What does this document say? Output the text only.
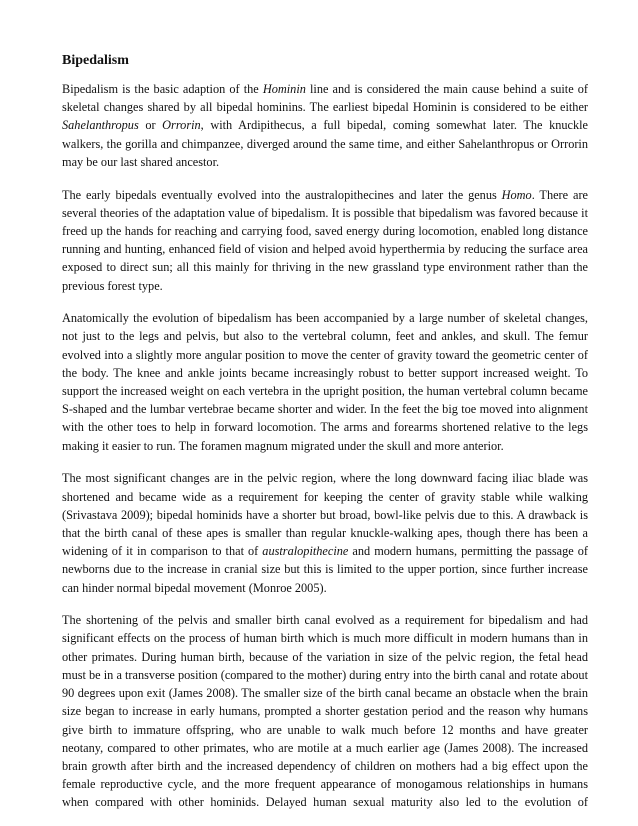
Bipedalism

Bipedalism is the basic adaption of the Hominin line and is considered the main cause behind a suite of skeletal changes shared by all bipedal hominins. The earliest bipedal Hominin is considered to be either Sahelanthropus or Orrorin, with Ardipithecus, a full bipedal, coming somewhat later. The knuckle walkers, the gorilla and chimpanzee, diverged around the same time, and either Sahelanthropus or Orrorin may be our last shared ancestor.

The early bipedals eventually evolved into the australopithecines and later the genus Homo. There are several theories of the adaptation value of bipedalism. It is possible that bipedalism was favored because it freed up the hands for reaching and carrying food, saved energy during locomotion, enabled long distance running and hunting, enhanced field of vision and helped avoid hyperthermia by reducing the surface area exposed to direct sun; all this mainly for thriving in the new grassland type environment rather than the previous forest type.

Anatomically the evolution of bipedalism has been accompanied by a large number of skeletal changes, not just to the legs and pelvis, but also to the vertebral column, feet and ankles, and skull. The femur evolved into a slightly more angular position to move the center of gravity toward the geometric center of the body. The knee and ankle joints became increasingly robust to better support increased weight. To support the increased weight on each vertebra in the upright position, the human vertebral column became S-shaped and the lumbar vertebrae became shorter and wider. In the feet the big toe moved into alignment with the other toes to help in forward locomotion. The arms and forearms shortened relative to the legs making it easier to run. The foramen magnum migrated under the skull and more anterior.

The most significant changes are in the pelvic region, where the long downward facing iliac blade was shortened and became wide as a requirement for keeping the center of gravity stable while walking (Srivastava 2009); bipedal hominids have a shorter but broad, bowl-like pelvis due to this. A drawback is that the birth canal of these apes is smaller than regular knuckle-walking apes, though there has been a widening of it in comparison to that of australopithecine and modern humans, permitting the passage of newborns due to the increase in cranial size but this is limited to the upper portion, since further increase can hinder normal bipedal movement (Monroe 2005).

The shortening of the pelvis and smaller birth canal evolved as a requirement for bipedalism and had significant effects on the process of human birth which is much more difficult in modern humans than in other primates. During human birth, because of the variation in size of the pelvic region, the fetal head must be in a transverse position (compared to the mother) during entry into the birth canal and rotate about 90 degrees upon exit (James 2008). The smaller size of the birth canal became an obstacle when the brain size began to increase in early humans, prompted a shorter gestation period and the reason why humans give birth to immature offspring, who are unable to walk much before 12 months and have greater neotany, compared to other primates, who are motile at a much earlier age (James 2008). The increased brain growth after birth and the increased dependency of children on mothers had a big effect upon the female reproductive cycle, and the more frequent appearance of monogamous relationships in humans when compared with other hominids. Delayed human sexual maturity also led to the evolution of
